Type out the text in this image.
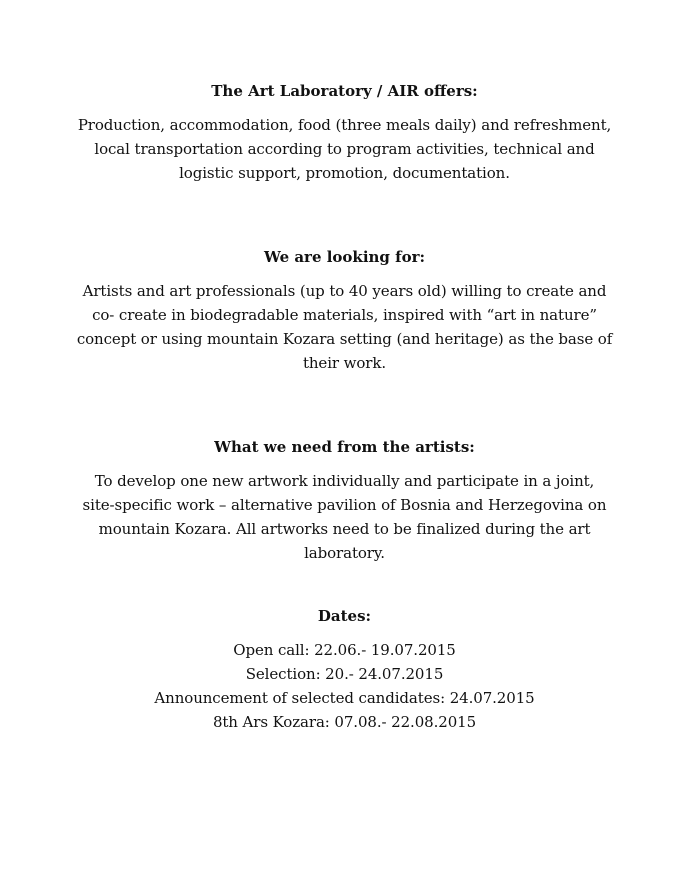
The Art Laboratory / AIR offers:
Production, accommodation, food (three meals daily) and refreshment,
local transportation according to program activities, technical and
logistic support, promotion, documentation.
We are looking for:
Artists and art professionals (up to 40 years old) willing to create and
co- create in biodegradable materials, inspired with “art in nature”
concept or using mountain Kozara setting (and heritage) as the base of
their work.
What we need from the artists:
To develop one new artwork individually and participate in a joint,
site-specific work – alternative pavilion of Bosnia and Herzegovina on
mountain Kozara. All artworks need to be finalized during the art
laboratory.
Dates:
Open call: 22.06.- 19.07.2015
Selection: 20.- 24.07.2015
Announcement of selected candidates: 24.07.2015
8th Ars Kozara: 07.08.- 22.08.2015
